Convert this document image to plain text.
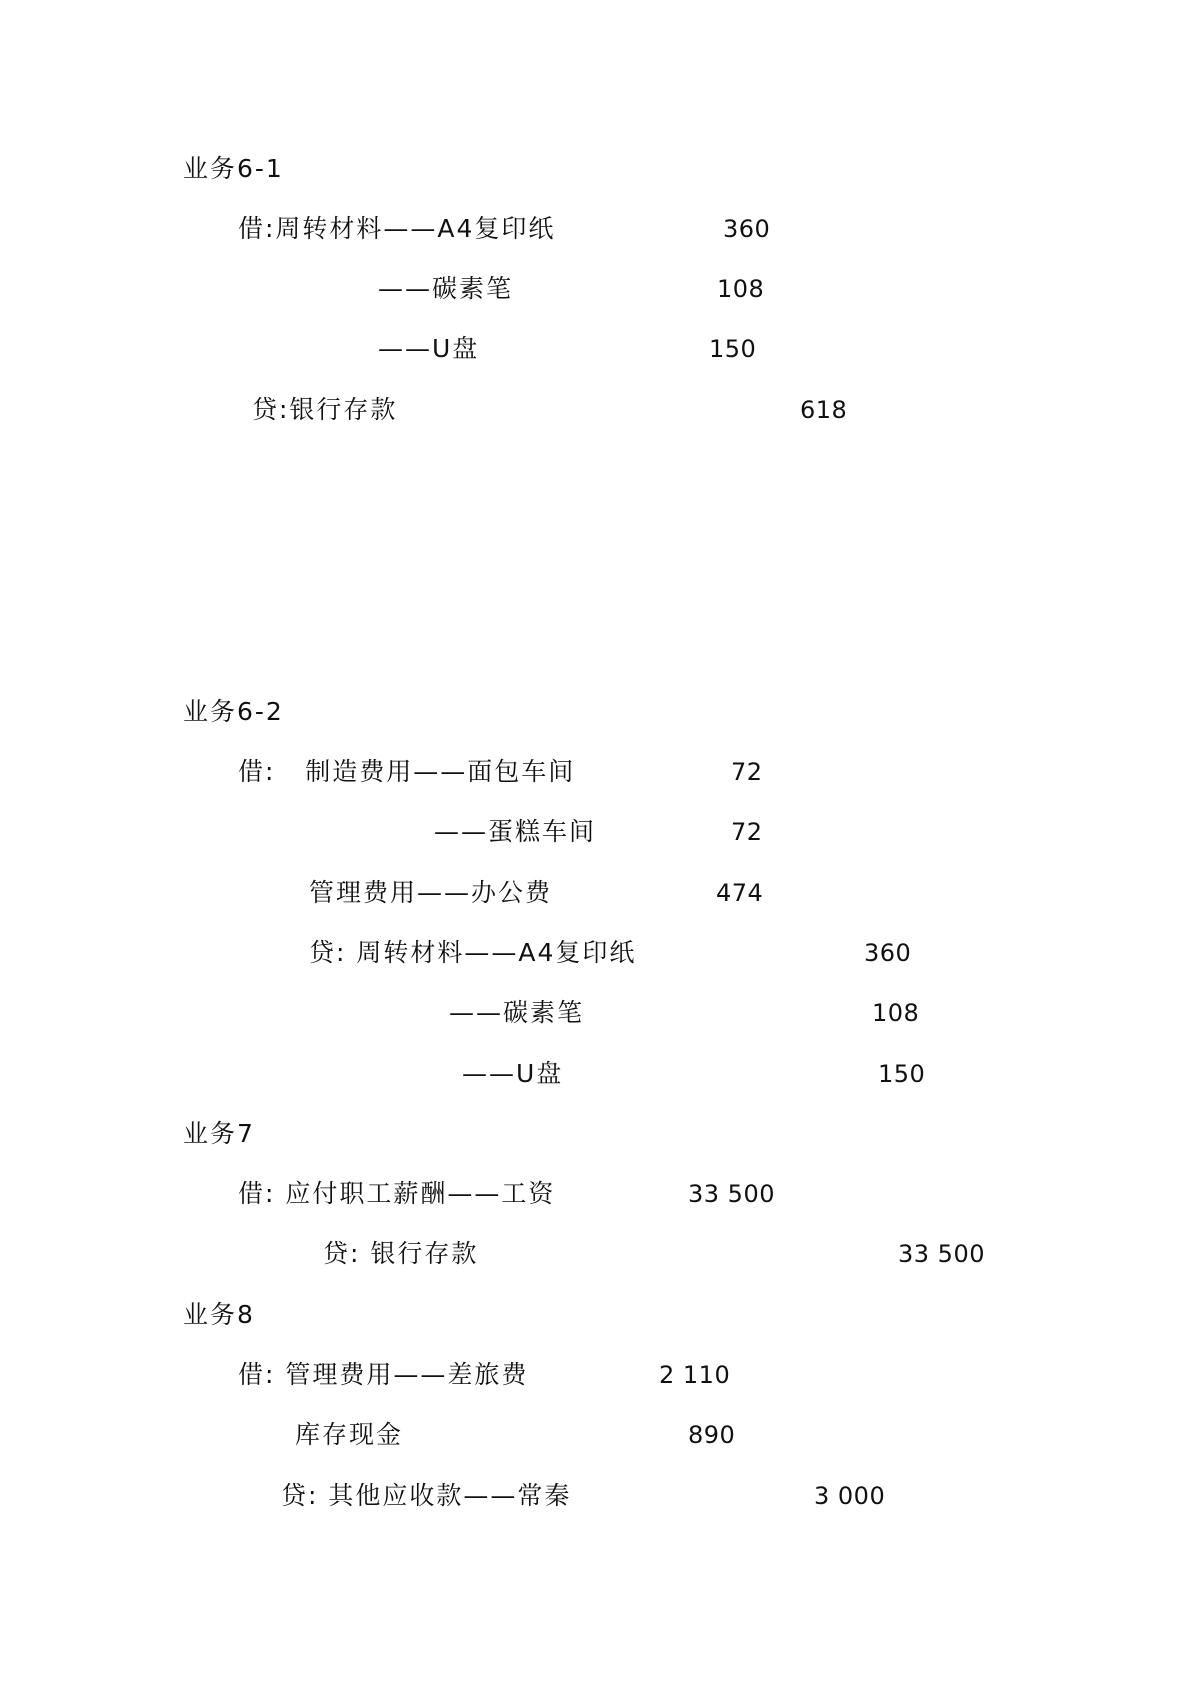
业务6-1
借:周转材料——A4复印纸	360
——碳素笔	108
——U盘	150
贷:银行存款	618
业务6-2
借:   制造费用——面包车间	72
——蛋糕车间	72
管理费用——办公费	474
贷: 周转材料——A4复印纸	360
——碳素笔	108
——U盘	150
业务7
借: 应付职工薪酬——工资	33 500
贷: 银行存款	33 500
业务8
借: 管理费用——差旅费	2 110
库存现金	890
贷: 其他应收款——常秦	3 000
